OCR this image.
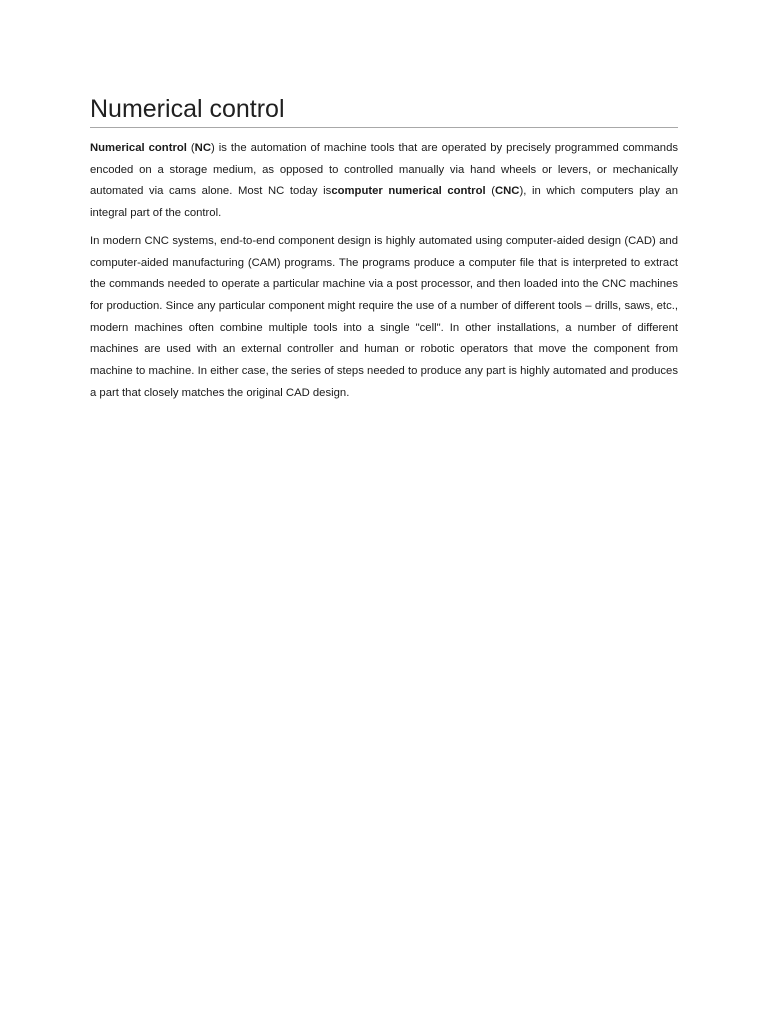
Numerical control

Numerical control (NC) is the automation of machine tools that are operated by precisely programmed commands encoded on a storage medium, as opposed to controlled manually via hand wheels or levers, or mechanically automated via cams alone. Most NC today iscomputer numerical control (CNC), in which computers play an integral part of the control.

In modern CNC systems, end-to-end component design is highly automated using computer-aided design (CAD) and computer-aided manufacturing (CAM) programs. The programs produce a computer file that is interpreted to extract the commands needed to operate a particular machine via a post processor, and then loaded into the CNC machines for production. Since any particular component might require the use of a number of different tools – drills, saws, etc., modern machines often combine multiple tools into a single "cell". In other installations, a number of different machines are used with an external controller and human or robotic operators that move the component from machine to machine. In either case, the series of steps needed to produce any part is highly automated and produces a part that closely matches the original CAD design.
